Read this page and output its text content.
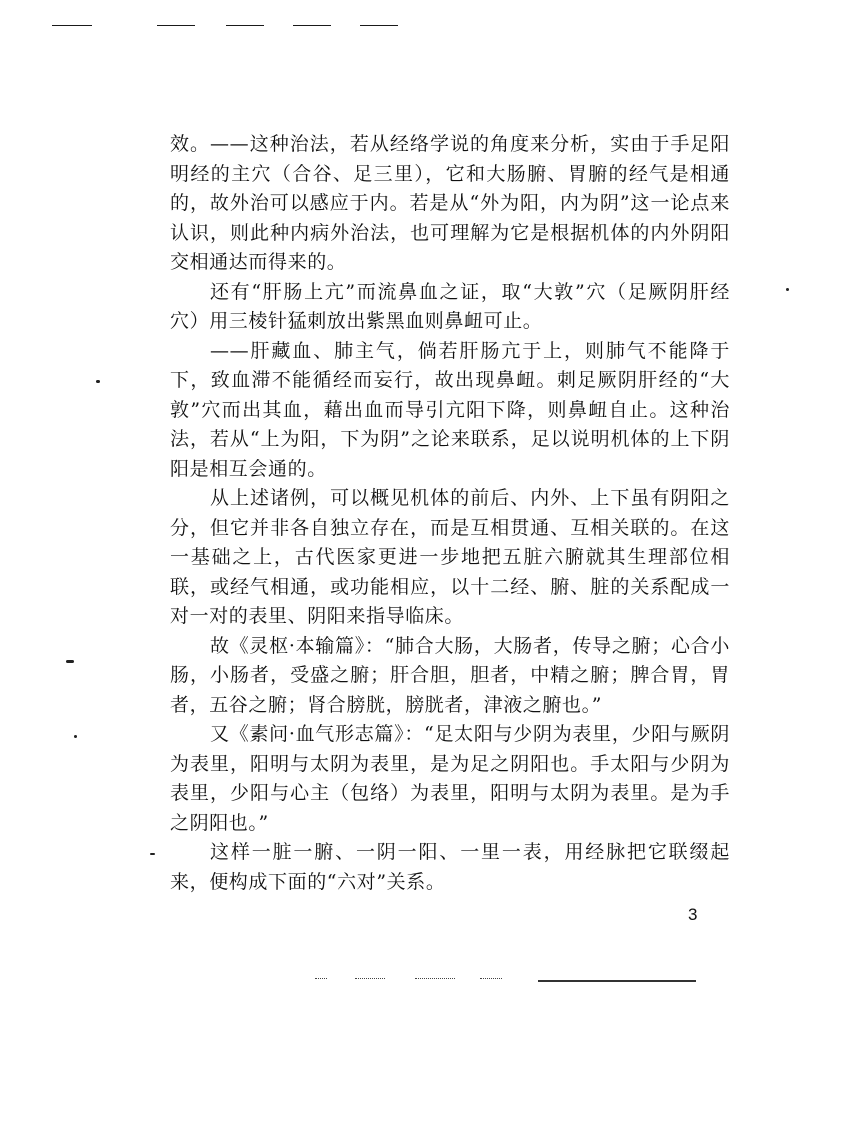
效。——这种治法，若从经络学说的角度来分析，实由于手足阳明经的主穴（合谷、足三里），它和大肠腑、胃腑的经气是相通的，故外治可以感应于内。若是从“外为阳，内为阴”这一论点来认识，则此种内病外治法，也可理解为它是根据机体的内外阴阳交相通达而得来的。

还有“肝肠上亢”而流鼻血之证，取“大敦”穴（足厥阴肝经穴）用三棱针猛刺放出紫黑血则鼻衄可止。

——肝藏血、肺主气，倘若肝肠亢于上，则肺气不能降于下，致血滞不能循经而妄行，故出现鼻衄。刺足厥阴肝经的“大敦”穴而出其血，藉出血而导引亢阳下降，则鼻衄自止。这种治法，若从“上为阳，下为阴”之论来联系，足以说明机体的上下阴阳是相互会通的。

从上述诸例，可以概见机体的前后、内外、上下虽有阴阳之分，但它并非各自独立存在，而是互相贯通、互相关联的。在这一基础之上，古代医家更进一步地把五脏六腑就其生理部位相联，或经气相通，或功能相应，以十二经、腑、脏的关系配成一对一对的表里、阴阳来指导临床。

故《灵枢·本输篇》：“肺合大肠，大肠者，传导之腑；心合小肠，小肠者，受盛之腑；肝合胆，胆者，中精之腑；脾合胃，胃者，五谷之腑；肾合膀胱，膀胱者，津液之腑也。”

又《素问·血气形志篇》：“足太阳与少阴为表里，少阳与厥阴为表里，阳明与太阴为表里，是为足之阴阳也。手太阳与少阴为表里，少阳与心主（包络）为表里，阳明与太阴为表里。是为手之阴阳也。”

这样一脏一腑、一阴一阳、一里一表，用经脉把它联缀起来，便构成下面的“六对”关系。

3
